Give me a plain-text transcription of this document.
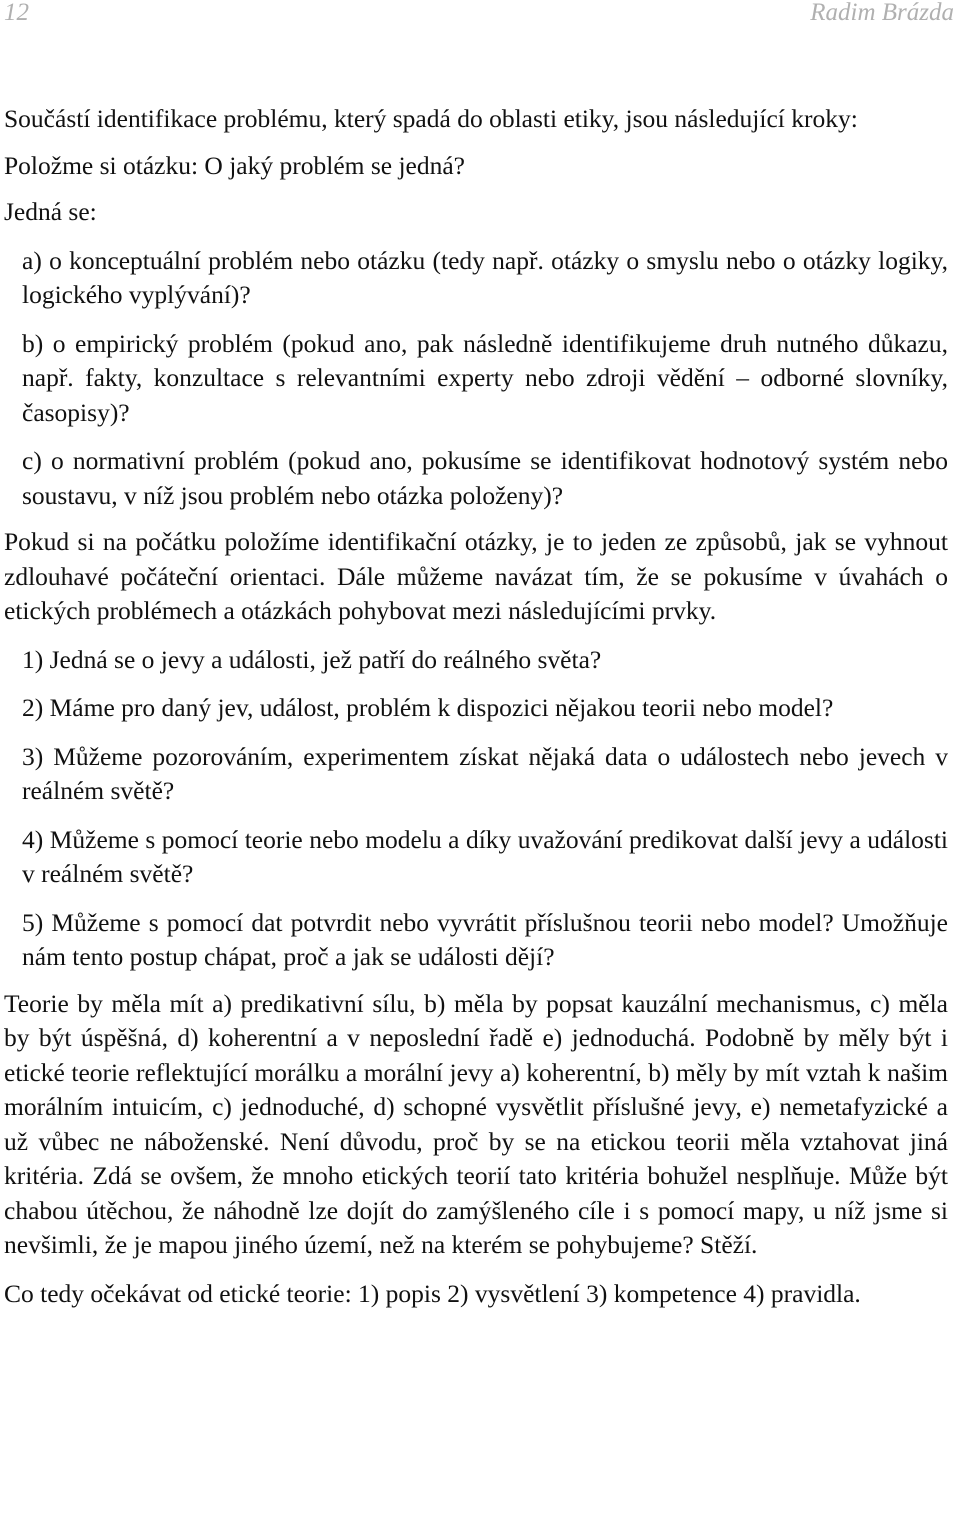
12	Radim Brázda

Součástí identifikace problému, který spadá do oblasti etiky, jsou následující kroky:

Položme si otázku: O jaký problém se jedná?

Jedná se:

a) o konceptuální problém nebo otázku (tedy např. otázky o smyslu nebo o otázky logiky, logického vyplývání)?

b) o empirický problém (pokud ano, pak následně identifikujeme druh nutného důkazu, např. fakty, konzultace s relevantními experty nebo zdroji vědění – odborné slovníky, časopisy)?

c) o normativní problém (pokud ano, pokusíme se identifikovat hodnotový systém nebo soustavu, v níž jsou problém nebo otázka položeny)?

Pokud si na počátku položíme identifikační otázky, je to jeden ze způsobů, jak se vyhnout zdlouhavé počáteční orientaci. Dále můžeme navázat tím, že se pokusíme v úvahách o etických problémech a otázkách pohybovat mezi následujícími prvky.

1) Jedná se o jevy a události, jež patří do reálného světa?

2) Máme pro daný jev, událost, problém k dispozici nějakou teorii nebo model?

3) Můžeme pozorováním, experimentem získat nějaká data o událostech nebo jevech v reálném světě?

4) Můžeme s pomocí teorie nebo modelu a díky uvažování predikovat další jevy a události v reálném světě?

5) Můžeme s pomocí dat potvrdit nebo vyvrátit příslušnou teorii nebo model? Umožňuje nám tento postup chápat, proč a jak se události dějí?

Teorie by měla mít a) predikativní sílu, b) měla by popsat kauzální mechanismus, c) měla by být úspěšná, d) koherentní a v neposlední řadě e) jednoduchá. Podobně by měly být i etické teorie reflektující morálku a morální jevy a) koherentní, b) měly by mít vztah k našim morálním intuicím, c) jednoduché, d) schopné vysvětlit příslušné jevy, e) nemetafyzické a už vůbec ne náboženské. Není důvodu, proč by se na etickou teorii měla vztahovat jiná kritéria. Zdá se ovšem, že mnoho etických teorií tato kritéria bohužel nesplňuje. Může být chabou útěchou, že náhodně lze dojít do zamýšleného cíle i s pomocí mapy, u níž jsme si nevšimli, že je mapou jiného území, než na kterém se pohybujeme? Stěží.

Co tedy očekávat od etické teorie: 1) popis 2) vysvětlení 3) kompetence 4) pravidla.
